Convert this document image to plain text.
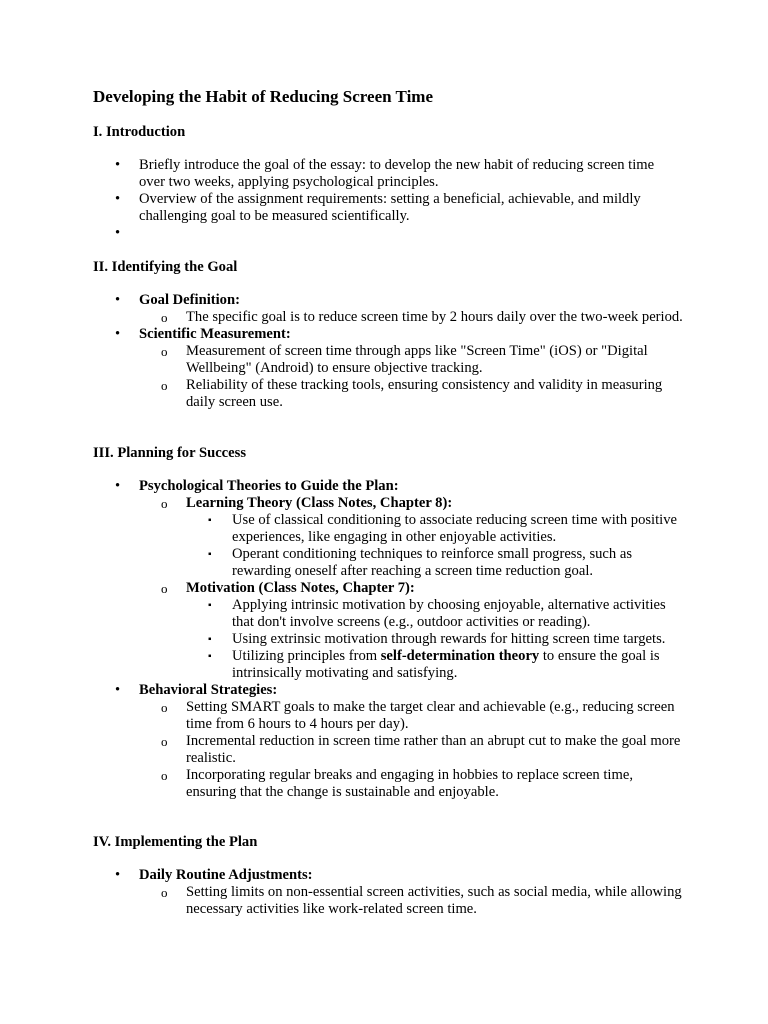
Developing the Habit of Reducing Screen Time
I. Introduction
• Briefly introduce the goal of the essay: to develop the new habit of reducing screen time over two weeks, applying psychological principles.
• Overview of the assignment requirements: setting a beneficial, achievable, and mildly challenging goal to be measured scientifically.
•
II. Identifying the Goal
• Goal Definition:
o The specific goal is to reduce screen time by 2 hours daily over the two-week period.
• Scientific Measurement:
o Measurement of screen time through apps like "Screen Time" (iOS) or "Digital Wellbeing" (Android) to ensure objective tracking.
o Reliability of these tracking tools, ensuring consistency and validity in measuring daily screen use.
III. Planning for Success
• Psychological Theories to Guide the Plan:
o Learning Theory (Class Notes, Chapter 8):
▪ Use of classical conditioning to associate reducing screen time with positive experiences, like engaging in other enjoyable activities.
▪ Operant conditioning techniques to reinforce small progress, such as rewarding oneself after reaching a screen time reduction goal.
o Motivation (Class Notes, Chapter 7):
▪ Applying intrinsic motivation by choosing enjoyable, alternative activities that don't involve screens (e.g., outdoor activities or reading).
▪ Using extrinsic motivation through rewards for hitting screen time targets.
▪ Utilizing principles from self-determination theory to ensure the goal is intrinsically motivating and satisfying.
• Behavioral Strategies:
o Setting SMART goals to make the target clear and achievable (e.g., reducing screen time from 6 hours to 4 hours per day).
o Incremental reduction in screen time rather than an abrupt cut to make the goal more realistic.
o Incorporating regular breaks and engaging in hobbies to replace screen time, ensuring that the change is sustainable and enjoyable.
IV. Implementing the Plan
• Daily Routine Adjustments:
o Setting limits on non-essential screen activities, such as social media, while allowing necessary activities like work-related screen time.
